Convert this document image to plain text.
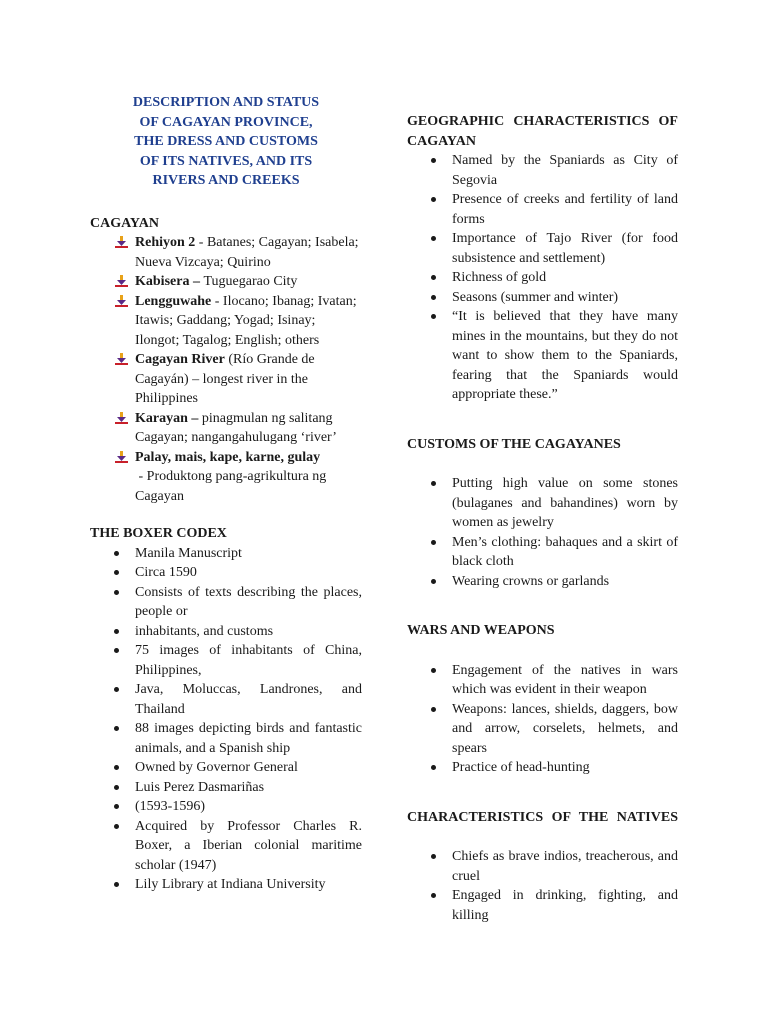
DESCRIPTION AND STATUS
OF CAGAYAN PROVINCE,
THE DRESS AND CUSTOMS
OF ITS NATIVES, AND ITS
RIVERS AND CREEKS
CAGAYAN
Rehiyon 2 - Batanes; Cagayan; Isabela; Nueva Vizcaya; Quirino
Kabisera – Tuguegarao City
Lengguwahe - Ilocano; Ibanag; Ivatan; Itawis; Gaddang; Yogad; Isinay; Ilongot; Tagalog; English; others
Cagayan River (Río Grande de Cagayán) – longest river in the Philippines
Karayan – pinagmulan ng salitang Cagayan; nangangahulugang ‘river’
Palay, mais, kape, karne, gulay - Produktong pang-agrikultura ng Cagayan
THE BOXER CODEX
Manila Manuscript
Circa 1590
Consists of texts describing the places, people or
inhabitants, and customs
75 images of inhabitants of China, Philippines,
Java, Moluccas, Landrones, and Thailand
88 images depicting birds and fantastic animals, and a Spanish ship
Owned by Governor General
Luis Perez Dasmariñas
(1593-1596)
Acquired by Professor Charles R. Boxer, a Iberian colonial maritime scholar (1947)
Lily Library at Indiana University
GEOGRAPHIC CHARACTERISTICS OF CAGAYAN
Named by the Spaniards as City of Segovia
Presence of creeks and fertility of land forms
Importance of Tajo River (for food subsistence and settlement)
Richness of gold
Seasons (summer and winter)
“It is believed that they have many mines in the mountains, but they do not want to show them to the Spaniards, fearing that the Spaniards would appropriate these.”
CUSTOMS OF THE CAGAYANES
Putting high value on some stones (bulaganes and bahandines) worn by women as jewelry
Men’s clothing: bahaques and a skirt of black cloth
Wearing crowns or garlands
WARS AND WEAPONS
Engagement of the natives in wars which was evident in their weapon
Weapons: lances, shields, daggers, bow and arrow, corselets, helmets, and spears
Practice of head-hunting
CHARACTERISTICS OF THE NATIVES
Chiefs as brave indios, treacherous, and cruel
Engaged in drinking, fighting, and killing
